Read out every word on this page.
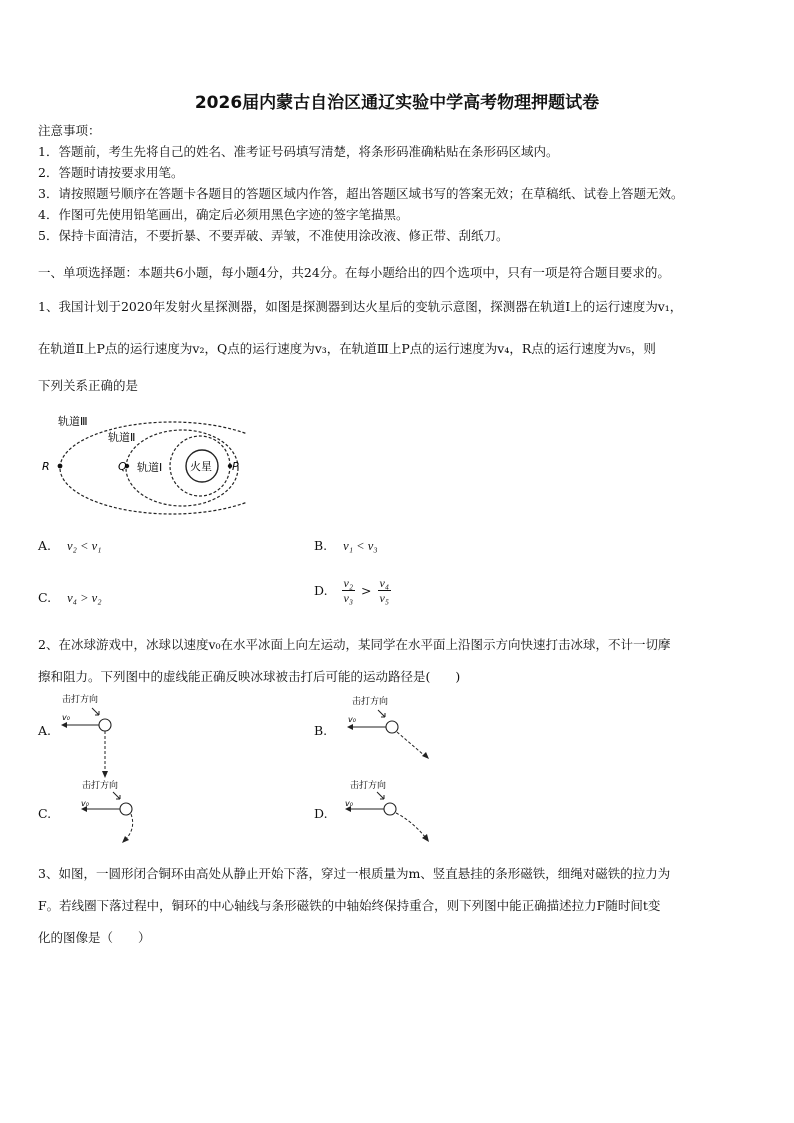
2026届内蒙古自治区通辽实验中学高考物理押题试卷
注意事项：
1．答题前，考生先将自己的姓名、准考证号码填写清楚，将条形码准确粘贴在条形码区域内。
2．答题时请按要求用笔。
3．请按照题号顺序在答题卡各题目的答题区域内作答，超出答题区域书写的答案无效；在草稿纸、试卷上答题无效。
4．作图可先使用铅笔画出，确定后必须用黑色字迹的签字笔描黑。
5．保持卡面清洁，不要折暴、不要弄破、弄皱，不准使用涂改液、修正带、刮纸刀。
一、单项选择题：本题共6小题，每小题4分，共24分。在每小题给出的四个选项中，只有一项是符合题目要求的。
1、我国计划于2020年发射火星探测器，如图是探测器到达火星后的变轨示意图，探测器在轨道Ⅰ上的运行速度为v₁，
在轨道Ⅱ上P点的运行速度为v₂，Q点的运行速度为v₃，在轨道Ⅲ上P点的运行速度为v₄，R点的运行速度为v₅，则
下列关系正确的是
轨道Ⅲ
轨道Ⅱ
轨道Ⅰ	火星
R	Q	P
A. v₂ < v₁	B. v₁ < v₃
C. v₄ > v₂	D. $\frac{\text{v₂}}{\text{v₃}} > \frac{\text{v₄}}{\text{v₅}}$
2、在冰球游戏中，冰球以速度v₀在水平冰面上向左运动，某同学在水平面上沿图示方向快速打击冰球，不计一切摩
擦和阻力。下列图中的虚线能正确反映冰球被击打后可能的运动路径是(　　)
A.
击打方向
v₀
B.
击打方向
v₀
C.
击打方向
v₀
D.
击打方向
v₀
3、如图，一圆形闭合铜环由高处从静止开始下落，穿过一根质量为m、竖直悬挂的条形磁铁，细绳对磁铁的拉力为
F。若线圈下落过程中，铜环的中心轴线与条形磁铁的中轴始终保持重合，则下列图中能正确描述拉力F随时间t变
化的图像是（　　）
